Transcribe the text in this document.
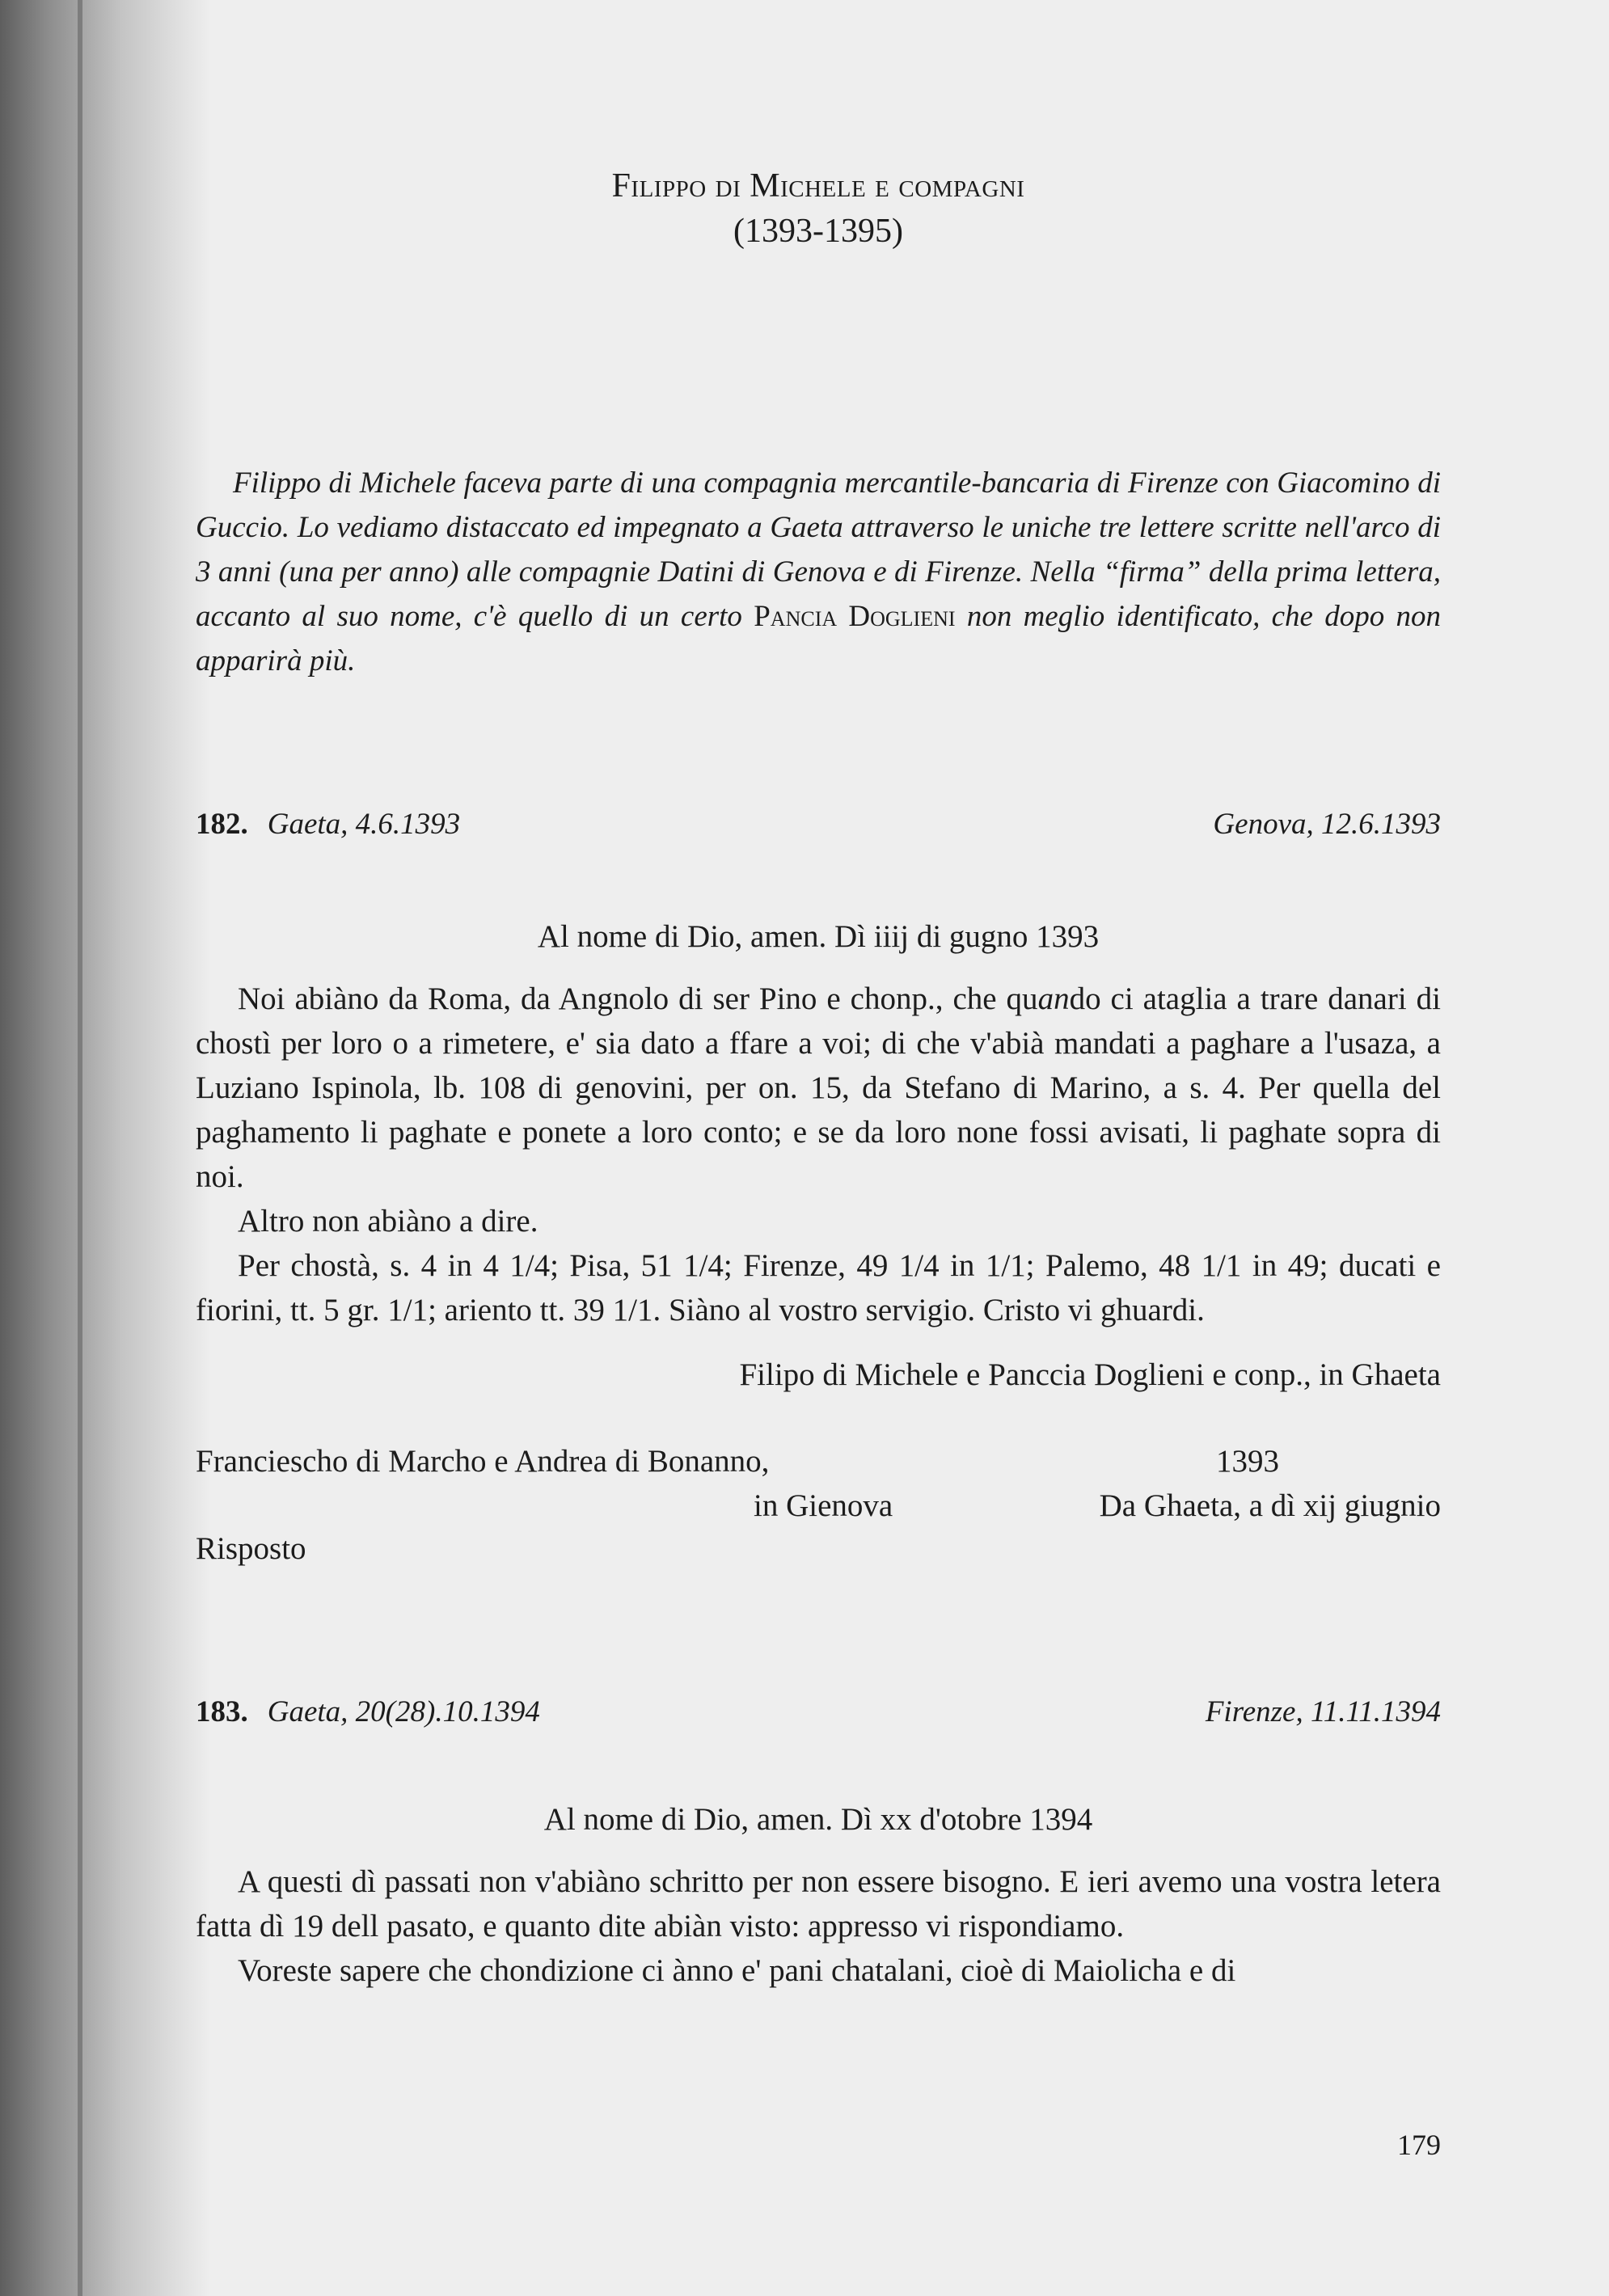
Filippo di Michele e compagni
(1393-1395)

Filippo di Michele faceva parte di una compagnia mercantile-bancaria di Firenze con Giacomino di Guccio. Lo vediamo distaccato ed impegnato a Gaeta attraverso le uniche tre lettere scritte nell'arco di 3 anni (una per anno) alle compagnie Datini di Genova e di Firenze. Nella “firma” della prima lettera, accanto al suo nome, c'è quello di un certo Pancia Doglieni non meglio identificato, che dopo non apparirà più.

182. Gaeta, 4.6.1393	Genova, 12.6.1393
Al nome di Dio, amen. Dì iiij di gugno 1393

Noi abiàno da Roma, da Angnolo di ser Pino e chonp., che quando ci ataglia a trare danari di chostì per loro o a rimetere, e' sia dato a ffare a voi; di che v'abià mandati a paghare a l'usaza, a Luziano Ispinola, lb. 108 di genovini, per on. 15, da Stefano di Marino, a s. 4. Per quella del paghamento li paghate e ponete a loro conto; e se da loro none fossi avisati, li paghate sopra di noi.

Altro non abiàno a dire.

Per chostà, s. 4 in 4 1/4; Pisa, 51 1/4; Firenze, 49 1/4 in 1/1; Palemo, 48 1/1 in 49; ducati e fiorini, tt. 5 gr. 1/1; ariento tt. 39 1/1. Siàno al vostro servigio. Cristo vi ghuardi.

Filipo di Michele e Panccia Doglieni e conp., in Ghaeta
Franciescho di Marcho e Andrea di Bonanno,	1393
in Gienova	Da Ghaeta, a dì xij giugnio
Risposto
183. Gaeta, 20(28).10.1394	Firenze, 11.11.1394
Al nome di Dio, amen. Dì xx d'otobre 1394

A questi dì passati non v'abiàno schritto per non essere bisogno. E ieri avemo una vostra letera fatta dì 19 dell pasato, e quanto dite abiàn visto: appresso vi rispondiamo.

Voreste sapere che chondizione ci ànno e' pani chatalani, cioè di Maiolicha e di

179
